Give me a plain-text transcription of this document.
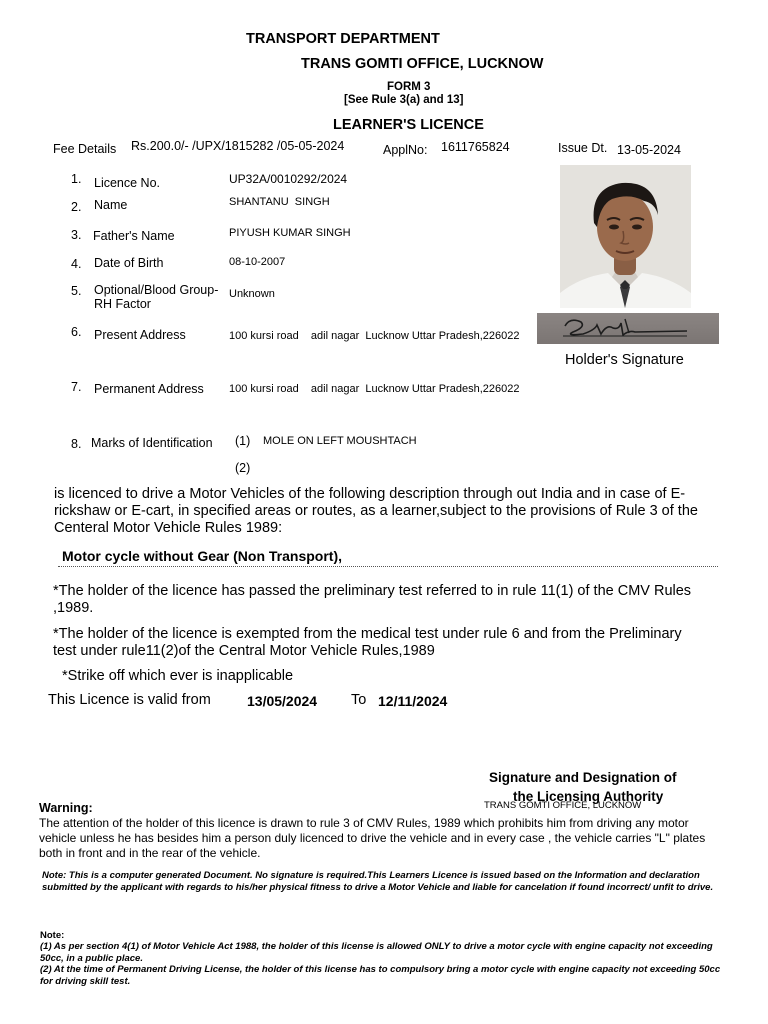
TRANSPORT DEPARTMENT
TRANS GOMTI OFFICE, LUCKNOW
FORM 3
[See Rule 3(a) and 13]
LEARNER'S LICENCE
Fee Details Rs.200.0/- /UPX/1815282 /05-05-2024	ApplNo: 1611765824	Issue Dt. 13-05-2024
1. Licence No.	UP32A/0010292/2024
2. Name	SHANTANU  SINGH
3. Father's Name	PIYUSH KUMAR SINGH
4. Date of Birth	08-10-2007
5. Optional/Blood Group-
RH Factor
Unknown
6. Present Address	100 kursi road    adil nagar  Lucknow Uttar Pradesh,226022
7. Permanent Address 100 kursi road    adil nagar  Lucknow Uttar Pradesh,226022
8. Marks of Identification (1) MOLE ON LEFT MOUSHTACH
(2)
Holder's Signature
is licenced to drive a Motor Vehicles of the following description through out India and in case of E-rickshaw or E-cart, in specified areas or routes, as a learner,subject to the provisions of Rule 3 of the Centeral Motor Vehicle Rules 1989:
Motor cycle without Gear (Non Transport),
*The holder of the licence has passed the preliminary test referred to in rule 11(1) of the CMV Rules ,1989.
*The holder of the licence is exempted from the medical test under rule 6 and from the Preliminary test under rule11(2)of the Central Motor Vehicle Rules,1989
*Strike off which ever is inapplicable
This Licence is valid from	13/05/2024 To 12/11/2024
Signature and Designation of
the Licensing Authority
TRANS GOMTI OFFICE, LUCKNOW
Warning:
The attention of the holder of this licence is drawn to rule 3 of CMV Rules, 1989 which prohibits him from driving any motor vehicle unless he has besides him a person duly licenced to drive the vehicle and in every case , the vehicle carries "L" plates both in front and in the rear of the vehicle.
Note: This is a computer generated Document. No signature is required.This Learners Licence is issued based on the Information and declaration submitted by the applicant with regards to his/her physical fitness to drive a Motor Vehicle and liable for cancelation if found incorrect/ unfit to drive.
Note:
(1) As per section 4(1) of Motor Vehicle Act 1988, the holder of this license is allowed ONLY to drive a motor cycle with engine capacity not exceeding 50cc, in a public place.
(2) At the time of Permanent Driving License, the holder of this license has to compulsory bring a motor cycle with engine capacity not exceeding 50cc for driving skill test.
